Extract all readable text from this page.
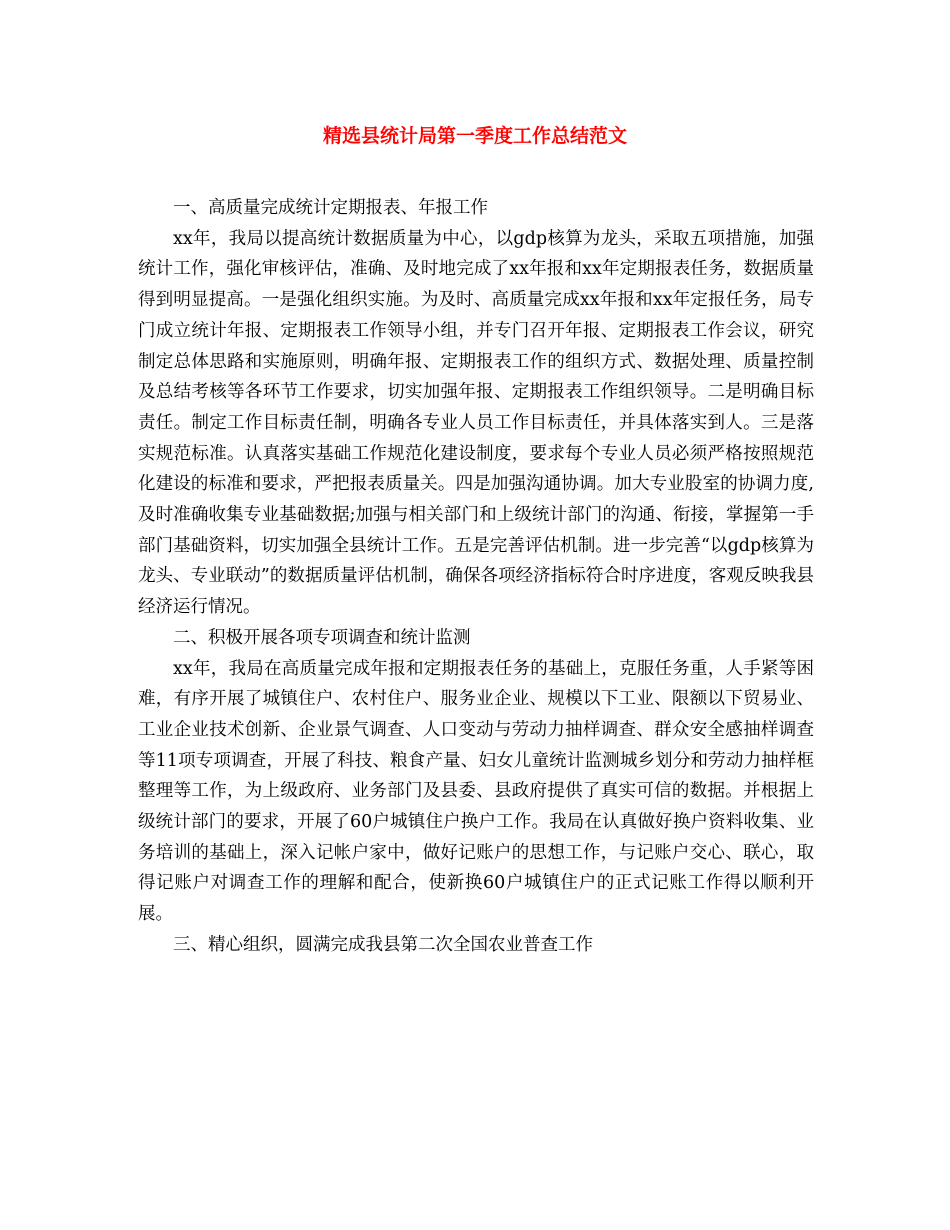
精选县统计局第一季度工作总结范文

一、高质量完成统计定期报表、年报工作

xx年，我局以提高统计数据质量为中心，以gdp核算为龙头，采取五项措施，加强统计工作，强化审核评估，准确、及时地完成了xx年报和xx年定期报表任务，数据质量得到明显提高。一是强化组织实施。为及时、高质量完成xx年报和xx年定报任务，局专门成立统计年报、定期报表工作领导小组，并专门召开年报、定期报表工作会议，研究制定总体思路和实施原则，明确年报、定期报表工作的组织方式、数据处理、质量控制及总结考核等各环节工作要求，切实加强年报、定期报表工作组织领导。二是明确目标责任。制定工作目标责任制，明确各专业人员工作目标责任，并具体落实到人。三是落实规范标准。认真落实基础工作规范化建设制度，要求每个专业人员必须严格按照规范化建设的标准和要求，严把报表质量关。四是加强沟通协调。加大专业股室的协调力度,及时准确收集专业基础数据;加强与相关部门和上级统计部门的沟通、衔接，掌握第一手部门基础资料，切实加强全县统计工作。五是完善评估机制。进一步完善“以gdp核算为龙头、专业联动”的数据质量评估机制，确保各项经济指标符合时序进度，客观反映我县经济运行情况。

二、积极开展各项专项调查和统计监测

xx年，我局在高质量完成年报和定期报表任务的基础上，克服任务重，人手紧等困难，有序开展了城镇住户、农村住户、服务业企业、规模以下工业、限额以下贸易业、工业企业技术创新、企业景气调查、人口变动与劳动力抽样调查、群众安全感抽样调查等11项专项调查，开展了科技、粮食产量、妇女儿童统计监测城乡划分和劳动力抽样框整理等工作，为上级政府、业务部门及县委、县政府提供了真实可信的数据。并根据上级统计部门的要求，开展了60户城镇住户换户工作。我局在认真做好换户资料收集、业务培训的基础上，深入记帐户家中，做好记账户的思想工作，与记账户交心、联心，取得记账户对调查工作的理解和配合，使新换60户城镇住户的正式记账工作得以顺利开展。

三、精心组织，圆满完成我县第二次全国农业普查工作
